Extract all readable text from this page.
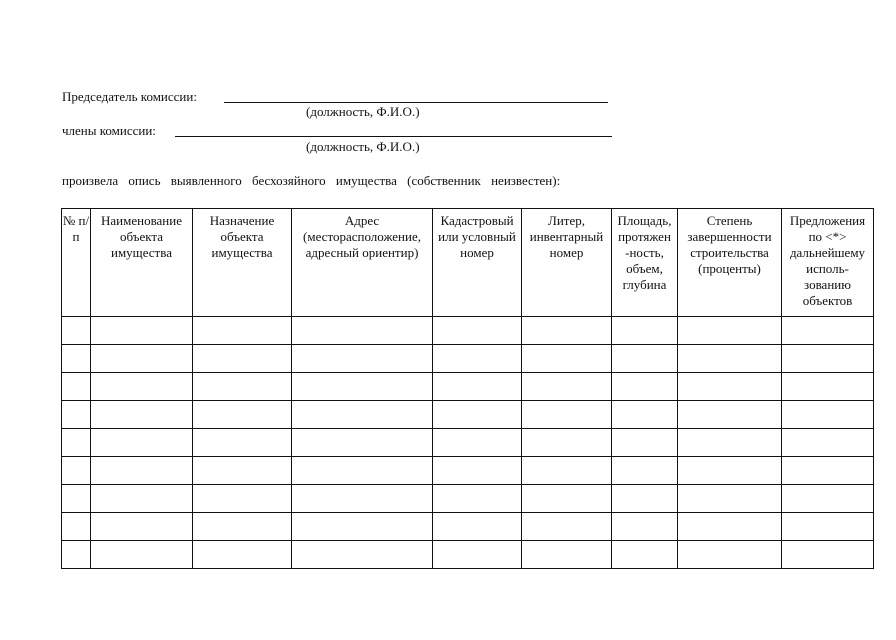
Председатель комиссии:
(должность, Ф.И.О.)
члены комиссии:
(должность, Ф.И.О.)
произвела опись выявленного бесхозяйного имущества (собственник неизвестен):
№ п/п	Наименование объекта имущества	Назначение объекта имущества	Адрес (месторасположение, адресный ориентир)	Кадастровый или условный номер	Литер, инвентарный номер	Площадь, протяжен -ность, объем, глубина	Степень завершенности строительства (проценты)	Предложения по <*> дальнейшему исполь- зованию объектов
